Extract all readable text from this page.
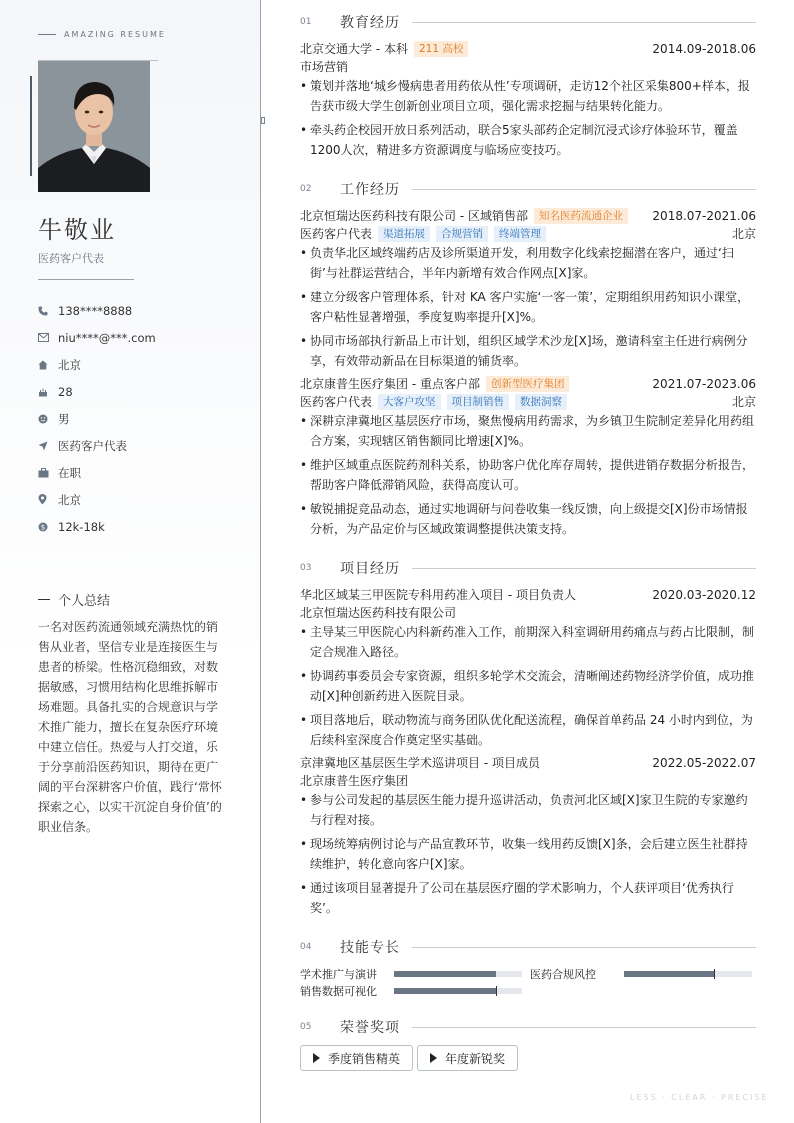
AMAZING RESUME
牛敬业
医药客户代表
138****8888
niu****@***.com
北京
28
男
医药客户代表
在职
北京
$ 12k-18k
个人总结
一名对医药流通领域充满热忱的销售从业者，坚信专业是连接医生与患者的桥梁。性格沉稳细致，对数据敏感，习惯用结构化思维拆解市场难题。具备扎实的合规意识与学术推广能力，擅长在复杂医疗环境中建立信任。热爱与人打交道，乐于分享前沿医药知识，期待在更广阔的平台深耕客户价值，践行‘常怀探索之心，以实干沉淀自身价值’的职业信条。
01	教育经历
北京交通大学 - 本科	211 高校	2014.09-2018.06
市场营销
• 策划并落地‘城乡慢病患者用药依从性’专项调研，走访12个社区采集800+样本，报告获市级大学生创新创业项目立项，强化需求挖掘与结果转化能力。
• 牵头药企校园开放日系列活动，联合5家头部药企定制沉浸式诊疗体验环节，覆盖1200人次，精进多方资源调度与临场应变技巧。
02	工作经历
北京恒瑞达医药科技有限公司 - 区域销售部	知名医药流通企业	2018.07-2021.06
医药客户代表	渠道拓展	合规营销	终端管理	北京
• 负责华北区域终端药店及诊所渠道开发，利用数字化线索挖掘潜在客户，通过‘扫街’与社群运营结合，半年内新增有效合作网点[X]家。
• 建立分级客户管理体系，针对 KA 客户实施‘一客一策’，定期组织用药知识小课堂，客户粘性显著增强，季度复购率提升[X]%。
• 协同市场部执行新品上市计划，组织区域学术沙龙[X]场，邀请科室主任进行病例分享，有效带动新品在目标渠道的铺货率。
北京康普生医疗集团 - 重点客户部	创新型医疗集团	2021.07-2023.06
医药客户代表	大客户攻坚	项目制销售	数据洞察	北京
• 深耕京津冀地区基层医疗市场，聚焦慢病用药需求，为乡镇卫生院制定差异化用药组合方案，实现辖区销售额同比增速[X]%。
• 维护区域重点医院药剂科关系，协助客户优化库存周转，提供进销存数据分析报告，帮助客户降低滞销风险，获得高度认可。
• 敏锐捕捉竞品动态，通过实地调研与问卷收集一线反馈，向上级提交[X]份市场情报分析，为产品定价与区域政策调整提供决策支持。
03	项目经历
华北区域某三甲医院专科用药准入项目 - 项目负责人	2020.03-2020.12
北京恒瑞达医药科技有限公司
• 主导某三甲医院心内科新药准入工作，前期深入科室调研用药痛点与药占比限制，制定合规准入路径。
• 协调药事委员会专家资源，组织多轮学术交流会，清晰阐述药物经济学价值，成功推动[X]种创新药进入医院目录。
• 项目落地后，联动物流与商务团队优化配送流程，确保首单药品 24 小时内到位，为后续科室深度合作奠定坚实基础。
京津冀地区基层医生学术巡讲项目 - 项目成员	2022.05-2022.07
北京康普生医疗集团
• 参与公司发起的基层医生能力提升巡讲活动，负责河北区域[X]家卫生院的专家邀约与行程对接。
• 现场统筹病例讨论与产品宣教环节，收集一线用药反馈[X]条，会后建立医生社群持续维护，转化意向客户[X]家。
• 通过该项目显著提升了公司在基层医疗圈的学术影响力，个人获评项目‘优秀执行奖’。
04	技能专长
学术推广与演讲	医药合规风控
销售数据可视化
05	荣誉奖项
季度销售精英	年度新锐奖
LESS · CLEAR · PRECISE
